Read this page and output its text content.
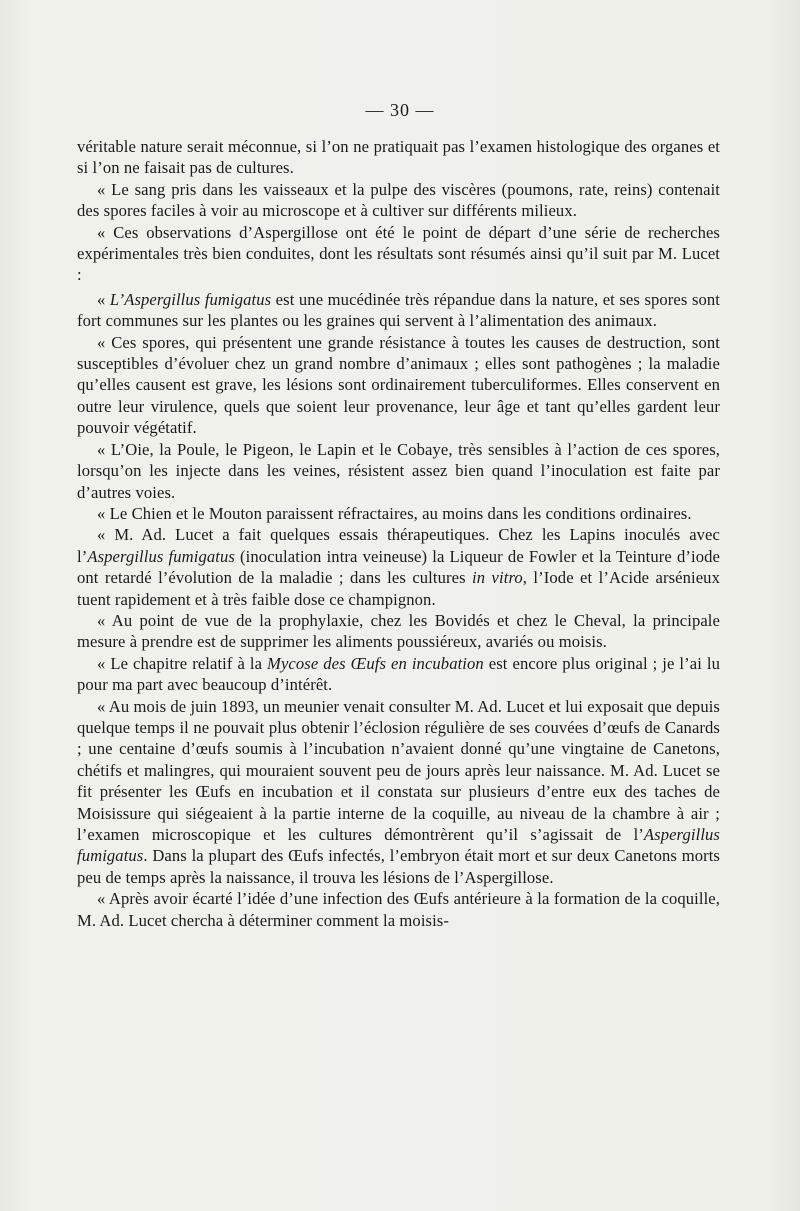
— 30 —

véritable nature serait méconnue, si l’on ne pratiquait pas l’examen histologique des organes et si l’on ne faisait pas de cultures.

« Le sang pris dans les vaisseaux et la pulpe des viscères (poumons, rate, reins) contenait des spores faciles à voir au microscope et à cultiver sur différents milieux.

« Ces observations d’Aspergillose ont été le point de départ d’une série de recherches expérimentales très bien conduites, dont les résultats sont résumés ainsi qu’il suit par M. Lucet :

« L’Aspergillus fumigatus est une mucédinée très répandue dans la nature, et ses spores sont fort communes sur les plantes ou les graines qui servent à l’alimentation des animaux.

« Ces spores, qui présentent une grande résistance à toutes les causes de destruction, sont susceptibles d’évoluer chez un grand nombre d’animaux ; elles sont pathogènes ; la maladie qu’elles causent est grave, les lésions sont ordinairement tuberculiformes. Elles conservent en outre leur virulence, quels que soient leur provenance, leur âge et tant qu’elles gardent leur pouvoir végétatif.

« L’Oie, la Poule, le Pigeon, le Lapin et le Cobaye, très sensibles à l’action de ces spores, lorsqu’on les injecte dans les veines, résistent assez bien quand l’inoculation est faite par d’autres voies.

« Le Chien et le Mouton paraissent réfractaires, au moins dans les conditions ordinaires.

« M. Ad. Lucet a fait quelques essais thérapeutiques. Chez les Lapins inoculés avec l’Aspergillus fumigatus (inoculation intra veineuse) la Liqueur de Fowler et la Teinture d’iode ont retardé l’évolution de la maladie ; dans les cultures in vitro, l’Iode et l’Acide arsénieux tuent rapidement et à très faible dose ce champignon.

« Au point de vue de la prophylaxie, chez les Bovidés et chez le Cheval, la principale mesure à prendre est de supprimer les aliments poussiéreux, avariés ou moisis.

« Le chapitre relatif à la Mycose des Œufs en incubation est encore plus original ; je l’ai lu pour ma part avec beaucoup d’intérêt.

« Au mois de juin 1893, un meunier venait consulter M. Ad. Lucet et lui exposait que depuis quelque temps il ne pouvait plus obtenir l’éclosion régulière de ses couvées d’œufs de Canards ; une centaine d’œufs soumis à l’incubation n’avaient donné qu’une vingtaine de Canetons, chétifs et malingres, qui mouraient souvent peu de jours après leur naissance. M. Ad. Lucet se fit présenter les Œufs en incubation et il constata sur plusieurs d’entre eux des taches de Moisissure qui siégeaient à la partie interne de la coquille, au niveau de la chambre à air ; l’examen microscopique et les cultures démontrèrent qu’il s’agissait de l’Aspergillus fumigatus. Dans la plupart des Œufs infectés, l’embryon était mort et sur deux Canetons morts peu de temps après la naissance, il trouva les lésions de l’Aspergillose.

« Après avoir écarté l’idée d’une infection des Œufs antérieure à la formation de la coquille, M. Ad. Lucet chercha à déterminer comment la moisis-
